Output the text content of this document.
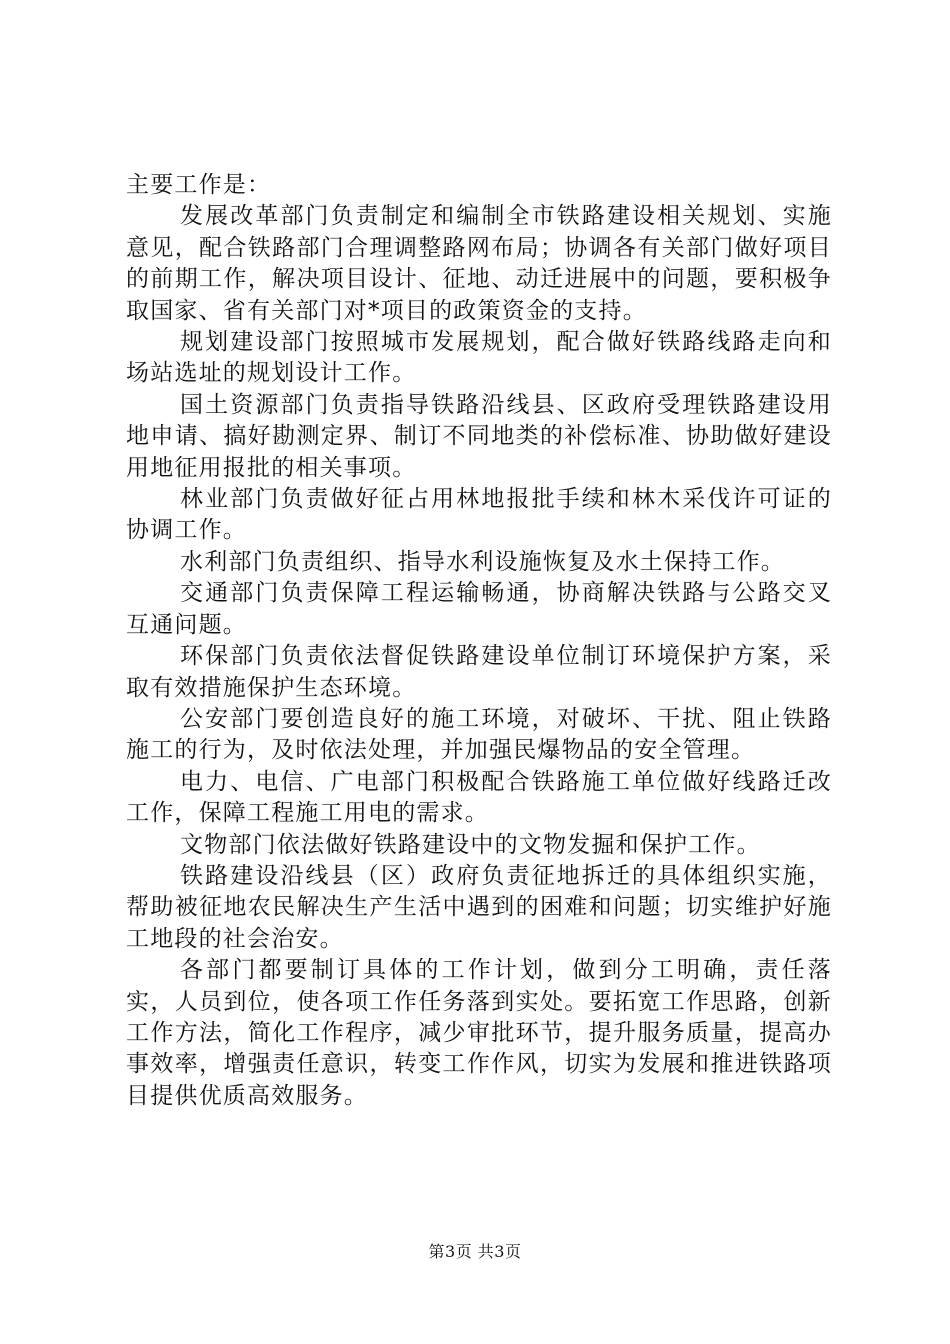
主要工作是：

发展改革部门负责制定和编制全市铁路建设相关规划、实施意见，配合铁路部门合理调整路网布局；协调各有关部门做好项目的前期工作，解决项目设计、征地、动迁进展中的问题，要积极争取国家、省有关部门对*项目的政策资金的支持。

规划建设部门按照城市发展规划，配合做好铁路线路走向和场站选址的规划设计工作。

国土资源部门负责指导铁路沿线县、区政府受理铁路建设用地申请、搞好勘测定界、制订不同地类的补偿标准、协助做好建设用地征用报批的相关事项。

林业部门负责做好征占用林地报批手续和林木采伐许可证的协调工作。

水利部门负责组织、指导水利设施恢复及水土保持工作。

交通部门负责保障工程运输畅通，协商解决铁路与公路交叉互通问题。

环保部门负责依法督促铁路建设单位制订环境保护方案，采取有效措施保护生态环境。

公安部门要创造良好的施工环境，对破坏、干扰、阻止铁路施工的行为，及时依法处理，并加强民爆物品的安全管理。

电力、电信、广电部门积极配合铁路施工单位做好线路迁改工作，保障工程施工用电的需求。

文物部门依法做好铁路建设中的文物发掘和保护工作。

铁路建设沿线县（区）政府负责征地拆迁的具体组织实施，帮助被征地农民解决生产生活中遇到的困难和问题；切实维护好施工地段的社会治安。

各部门都要制订具体的工作计划，做到分工明确，责任落实，人员到位，使各项工作任务落到实处。要拓宽工作思路，创新工作方法，简化工作程序，减少审批环节，提升服务质量，提高办事效率，增强责任意识，转变工作作风，切实为发展和推进铁路项目提供优质高效服务。

第3页 共3页
